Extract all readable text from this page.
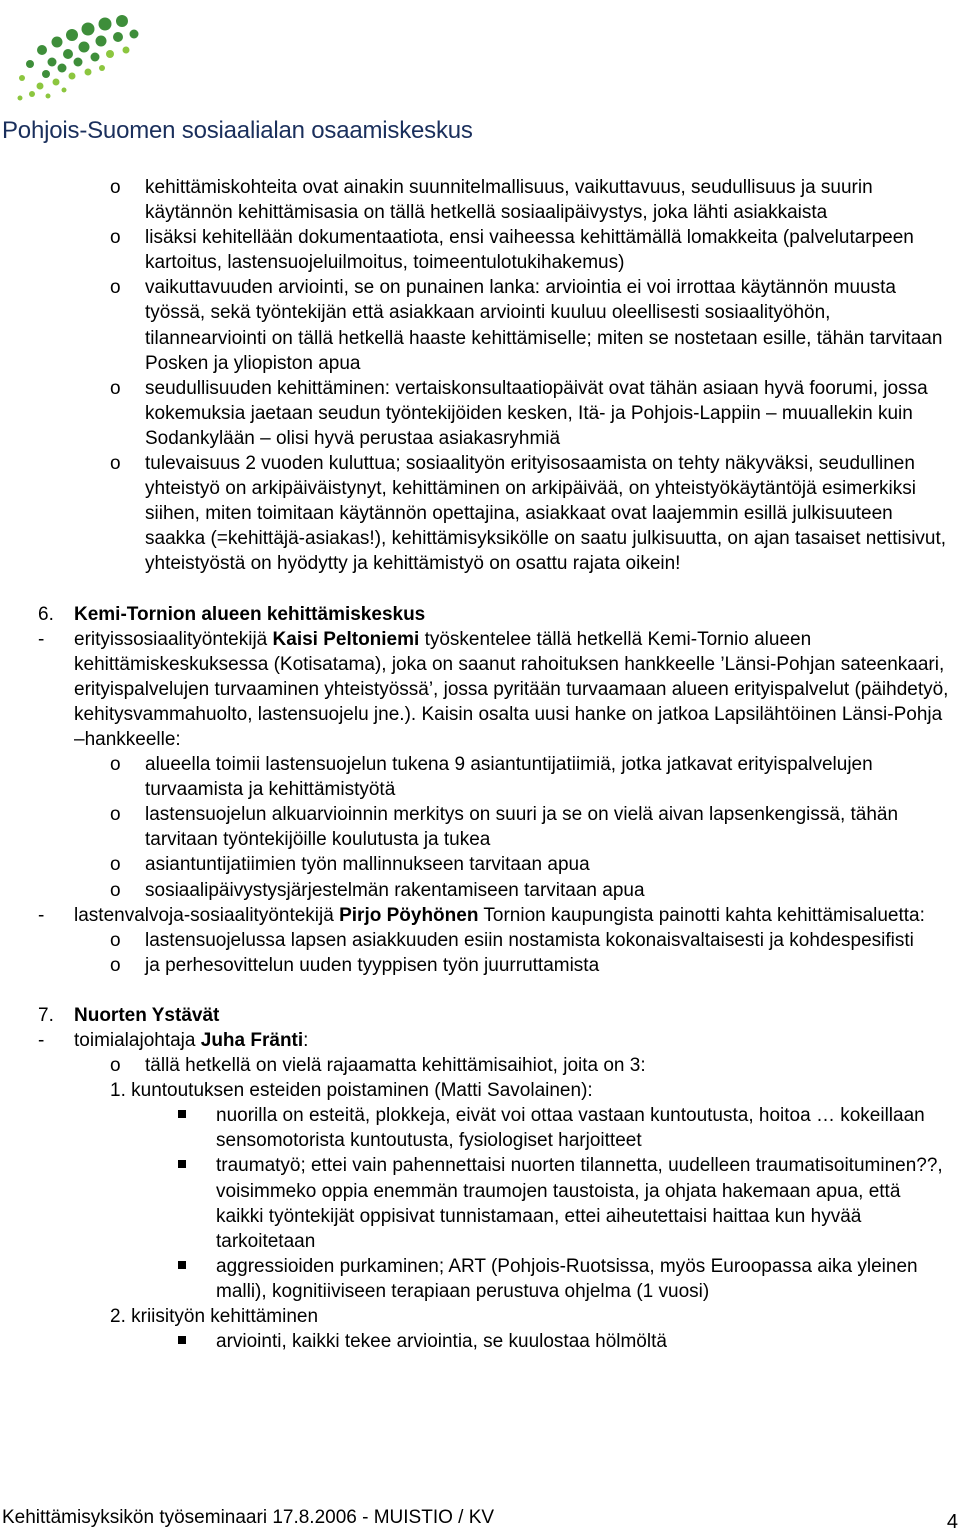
Pohjois-Suomen sosiaalialan osaamiskeskus
o kehittämiskohteita ovat ainakin suunnitelmallisuus, vaikuttavuus, seudullisuus ja suurin käytännön kehittämisasia on tällä hetkellä sosiaalipäivystys, joka lähti asiakkaista
o lisäksi kehitellään dokumentaatiota, ensi vaiheessa kehittämällä lomakkeita (palvelutarpeen kartoitus, lastensuojeluilmoitus, toimeentulotukihakemus)
o vaikuttavuuden arviointi, se on punainen lanka: arviointia ei voi irrottaa käytännön muusta työssä, sekä työntekijän että asiakkaan arviointi kuuluu oleellisesti sosiaalityöhön, tilannearviointi on tällä hetkellä haaste kehittämiselle; miten se nostetaan esille, tähän tarvitaan Posken ja yliopiston apua
o seudullisuuden kehittäminen: vertaiskonsultaatiopäivät ovat tähän asiaan hyvä foorumi, jossa kokemuksia jaetaan seudun työntekijöiden kesken, Itä- ja Pohjois-Lappiin – muuallekin kuin Sodankylään – olisi hyvä perustaa asiakasryhmiä
o tulevaisuus 2 vuoden kuluttua; sosiaalityön erityisosaamista on tehty näkyväksi, seudullinen yhteistyö on arkipäiväistynyt, kehittäminen on arkipäivää, on yhteistyökäytäntöjä esimerkiksi siihen, miten toimitaan käytännön opettajina, asiakkaat ovat laajemmin esillä julkisuuteen saakka (=kehittäjä-asiakas!), kehittämisyksikölle on saatu julkisuutta, on ajan tasaiset nettisivut, yhteistyöstä on hyödytty ja kehittämistyö on osattu rajata oikein!
6. Kemi-Tornion alueen kehittämiskeskus
- erityissosiaalityöntekijä Kaisi Peltoniemi työskentelee tällä hetkellä Kemi-Tornio alueen kehittämiskeskuksessa (Kotisatama), joka on saanut rahoituksen hankkeelle ’Länsi-Pohjan sateenkaari, erityispalvelujen turvaaminen yhteistyössä’, jossa pyritään turvaamaan alueen erityispalvelut (päihdetyö, kehitysvammahuolto, lastensuojelu jne.). Kaisin osalta uusi hanke on jatkoa Lapsilähtöinen Länsi-Pohja –hankkeelle:
o alueella toimii lastensuojelun tukena 9 asiantuntijatiimiä, jotka jatkavat erityispalvelujen turvaamista ja kehittämistyötä
o lastensuojelun alkuarvioinnin merkitys on suuri ja se on vielä aivan lapsenkengissä, tähän tarvitaan työntekijöille koulutusta ja tukea
o asiantuntijatiimien työn mallinnukseen tarvitaan apua
o sosiaalipäivystysjärjestelmän rakentamiseen tarvitaan apua
- lastenvalvoja-sosiaalityöntekijä Pirjo Pöyhönen Tornion kaupungista painotti kahta kehittämisaluetta:
o lastensuojelussa lapsen asiakkuuden esiin nostamista kokonaisvaltaisesti ja kohdespesifisti
o ja perhesovittelun uuden tyyppisen työn juurruttamista
7. Nuorten Ystävät
- toimialajohtaja Juha Fränti:
o tällä hetkellä on vielä rajaamatta kehittämisaihiot, joita on 3:
1. kuntoutuksen esteiden poistaminen (Matti Savolainen):
nuorilla on esteitä, plokkeja, eivät voi ottaa vastaan kuntoutusta, hoitoa … kokeillaan sensomotorista kuntoutusta, fysiologiset harjoitteet
traumatyö; ettei vain pahennettaisi nuorten tilannetta, uudelleen traumatisoituminen??, voisimmeko oppia enemmän traumojen taustoista, ja ohjata hakemaan apua, että kaikki työntekijät oppisivat tunnistamaan, ettei aiheutettaisi haittaa kun hyvää tarkoitetaan
aggressioiden purkaminen; ART (Pohjois-Ruotsissa, myös Euroopassa aika yleinen malli), kognitiiviseen terapiaan perustuva ohjelma (1 vuosi)
2. kriisityön kehittäminen
arviointi, kaikki tekee arviointia, se kuulostaa hölmöltä
Kehittämisyksikön työseminaari 17.8.2006 - MUISTIO / KV	4
